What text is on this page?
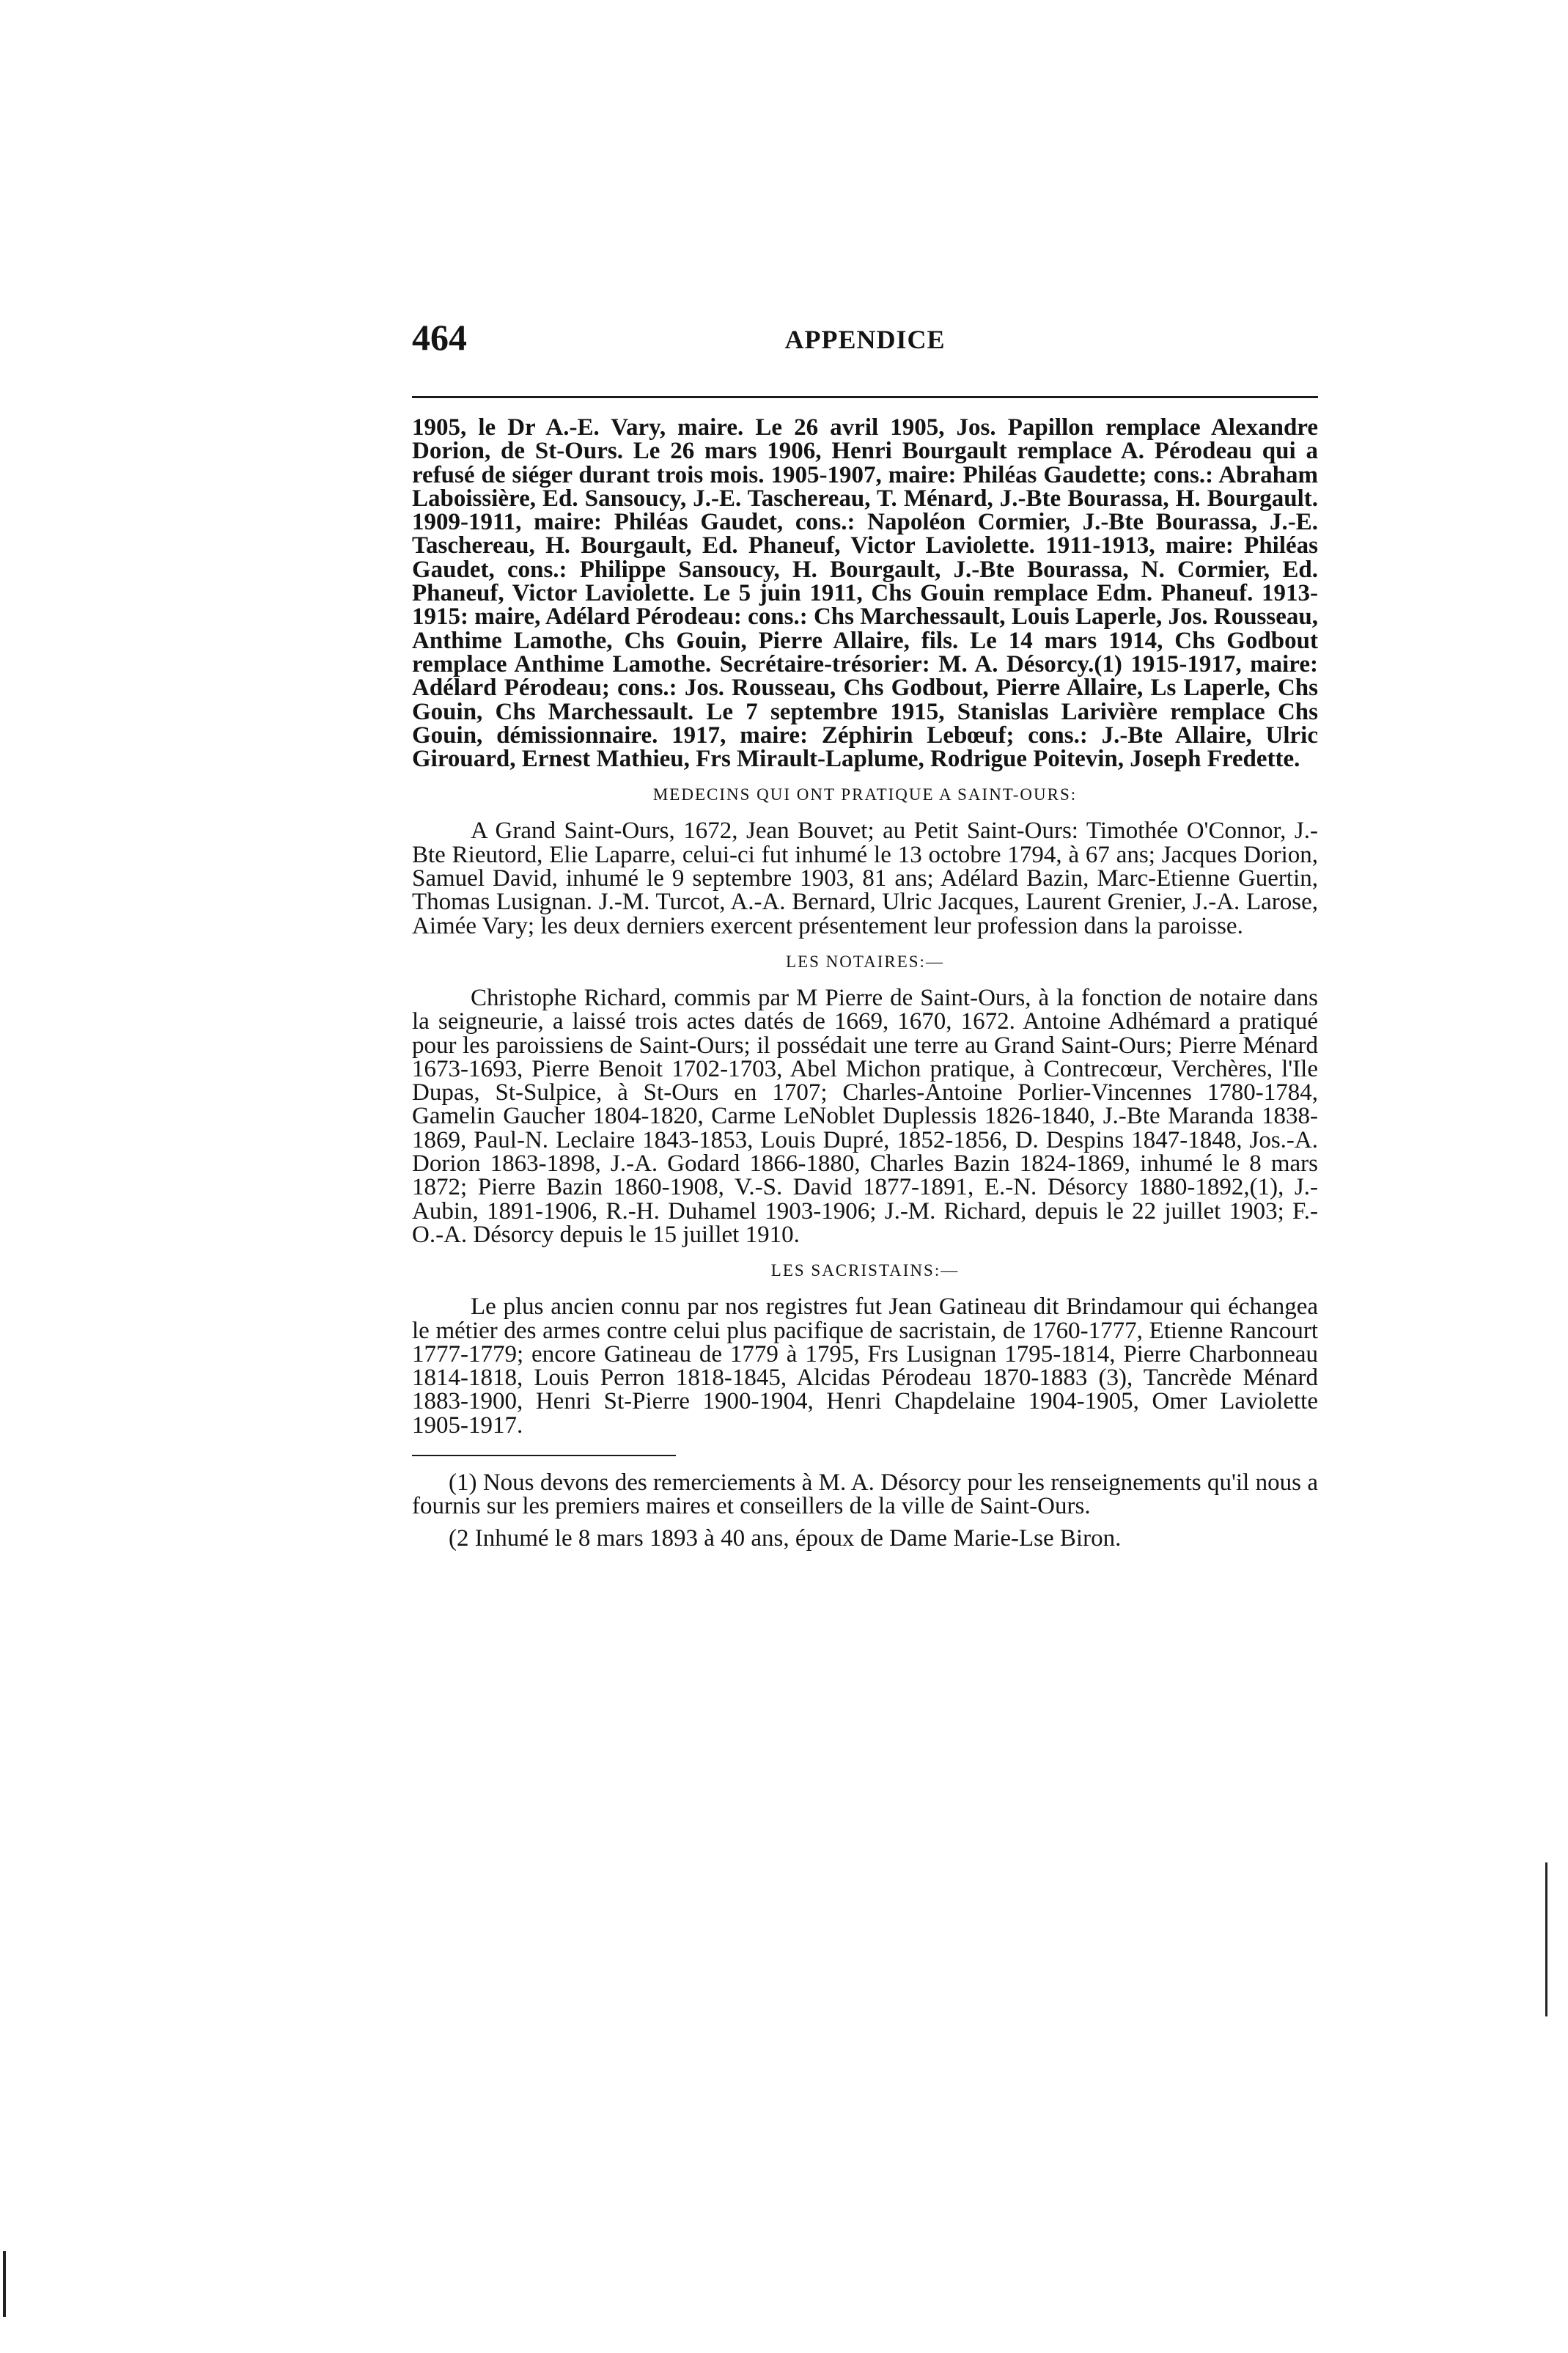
464	APPENDICE

1905, le Dr A.-E. Vary, maire. Le 26 avril 1905, Jos. Papillon remplace Alexandre Dorion, de St-Ours. Le 26 mars 1906, Henri Bourgault remplace A. Pérodeau qui a refusé de siéger durant trois mois. 1905-1907, maire: Philéas Gaudette; cons.: Abraham Laboissière, Ed. Sansoucy, J.-E. Taschereau, T. Ménard, J.-Bte Bourassa, H. Bourgault. 1909-1911, maire: Philéas Gaudet, cons.: Napoléon Cormier, J.-Bte Bourassa, J.-E. Taschereau, H. Bourgault, Ed. Phaneuf, Victor Laviolette. 1911-1913, maire: Philéas Gaudet, cons.: Philippe Sansoucy, H. Bourgault, J.-Bte Bourassa, N. Cormier, Ed. Phaneuf, Victor Laviolette. Le 5 juin 1911, Chs Gouin remplace Edm. Phaneuf. 1913-1915: maire, Adélard Pérodeau: cons.: Chs Marchessault, Louis Laperle, Jos. Rousseau, Anthime Lamothe, Chs Gouin, Pierre Allaire, fils. Le 14 mars 1914, Chs Godbout remplace Anthime Lamothe. Secrétaire-trésorier: M. A. Désorcy.(1) 1915-1917, maire: Adélard Pérodeau; cons.: Jos. Rousseau, Chs Godbout, Pierre Allaire, Ls Laperle, Chs Gouin, Chs Marchessault. Le 7 septembre 1915, Stanislas Larivière remplace Chs Gouin, démissionnaire. 1917, maire: Zéphirin Lebœuf; cons.: J.-Bte Allaire, Ulric Girouard, Ernest Mathieu, Frs Mirault-Laplume, Rodrigue Poitevin, Joseph Fredette.

MEDECINS QUI ONT PRATIQUE A SAINT-OURS:

A Grand Saint-Ours, 1672, Jean Bouvet; au Petit Saint-Ours: Timothée O'Connor, J.-Bte Rieutord, Elie Laparre, celui-ci fut inhumé le 13 octobre 1794, à 67 ans; Jacques Dorion, Samuel David, inhumé le 9 septembre 1903, 81 ans; Adélard Bazin, Marc-Etienne Guertin, Thomas Lusignan. J.-M. Turcot, A.-A. Bernard, Ulric Jacques, Laurent Grenier, J.-A. Larose, Aimée Vary; les deux derniers exercent présentement leur profession dans la paroisse.

LES NOTAIRES:—

Christophe Richard, commis par M Pierre de Saint-Ours, à la fonction de notaire dans la seigneurie, a laissé trois actes datés de 1669, 1670, 1672. Antoine Adhémard a pratiqué pour les paroissiens de Saint-Ours; il possédait une terre au Grand Saint-Ours; Pierre Ménard 1673-1693, Pierre Benoit 1702-1703, Abel Michon pratique, à Contrecœur, Verchères, l'Ile Dupas, St-Sulpice, à St-Ours en 1707; Charles-Antoine Porlier-Vincennes 1780-1784, Gamelin Gaucher 1804-1820, Carme LeNoblet Duplessis 1826-1840, J.-Bte Maranda 1838-1869, Paul-N. Leclaire 1843-1853, Louis Dupré, 1852-1856, D. Despins 1847-1848, Jos.-A. Dorion 1863-1898, J.-A. Godard 1866-1880, Charles Bazin 1824-1869, inhumé le 8 mars 1872; Pierre Bazin 1860-1908, V.-S. David 1877-1891, E.-N. Désorcy 1880-1892,(1), J.-Aubin, 1891-1906, R.-H. Duhamel 1903-1906; J.-M. Richard, depuis le 22 juillet 1903; F.-O.-A. Désorcy depuis le 15 juillet 1910.

LES SACRISTAINS:—

Le plus ancien connu par nos registres fut Jean Gatineau dit Brindamour qui échangea le métier des armes contre celui plus pacifique de sacristain, de 1760-1777, Etienne Rancourt 1777-1779; encore Gatineau de 1779 à 1795, Frs Lusignan 1795-1814, Pierre Charbonneau 1814-1818, Louis Perron 1818-1845, Alcidas Pérodeau 1870-1883 (3), Tancrède Ménard 1883-1900, Henri St-Pierre 1900-1904, Henri Chapdelaine 1904-1905, Omer Laviolette 1905-1917.

(1) Nous devons des remerciements à M. A. Désorcy pour les renseignements qu'il nous a fournis sur les premiers maires et conseillers de la ville de Saint-Ours.

(2 Inhumé le 8 mars 1893 à 40 ans, époux de Dame Marie-Lse Biron.
